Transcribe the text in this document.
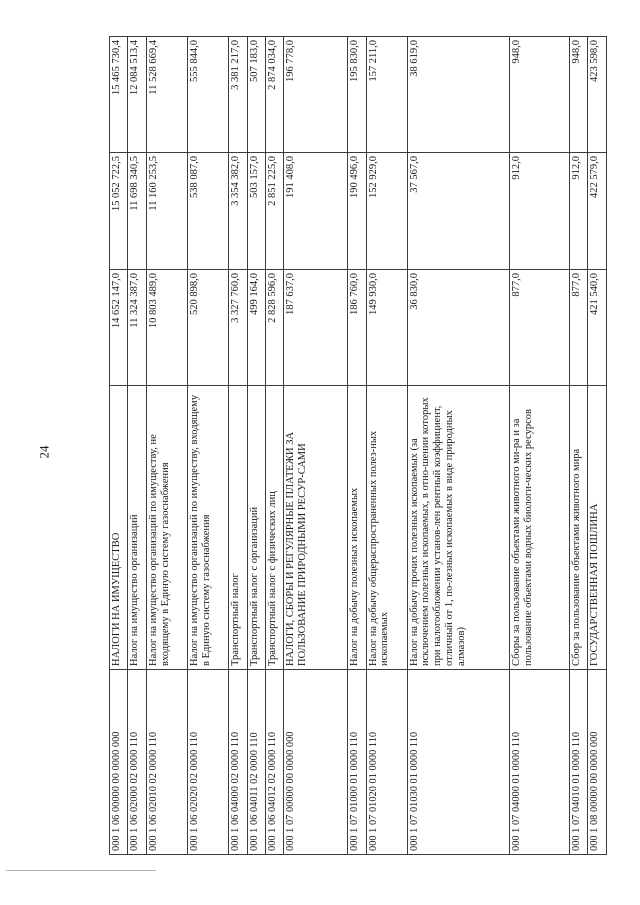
24
000 1 06 00000 00 0000 000	НАЛОГИ НА ИМУЩЕСТВО	14 652 147,0	15 052 722,5	15 465 730,4
000 1 06 02000 02 0000 110	Налог на имущество организаций	11 324 387,0	11 698 340,5	12 084 513,4
000 1 06 02010 02 0000 110	Налог на имущество организаций по имуществу, не входящему в Единую систему газоснабжения	10 803 489,0	11 160 253,5	11 528 669,4
000 1 06 02020 02 0000 110	Налог на имущество организаций по имуществу, входящему в Единую систему газоснабжения	520 898,0	538 087,0	555 844,0
000 1 06 04000 02 0000 110	Транспортный налог	3 327 760,0	3 354 382,0	3 381 217,0
000 1 06 04011 02 0000 110	Транспортный налог с организаций	499 164,0	503 157,0	507 183,0
000 1 06 04012 02 0000 110	Транспортный налог с физических лиц	2 828 596,0	2 851 225,0	2 874 034,0
000 1 07 00000 00 0000 000	НАЛОГИ, СБОРЫ И РЕГУЛЯРНЫЕ ПЛАТЕЖИ ЗА ПОЛЬЗОВАНИЕ ПРИРОДНЫМИ РЕСУР-САМИ	187 637,0	191 408,0	196 778,0
000 1 07 01000 01 0000 110	Налог на добычу полезных ископаемых	186 760,0	190 496,0	195 830,0
000 1 07 01020 01 0000 110	Налог на добычу общераспространенных полез-ных ископаемых	149 930,0	152 929,0	157 211,0
000 1 07 01030 01 0000 110	Налог на добычу прочих полезных ископаемых (за исключением полезных ископаемых, в отно-шении которых при налогообложении установ-лен рентный коэффициент, отличный от 1, по-лезных ископаемых в виде природных алмазов)	36 830,0	37 567,0	38 619,0
000 1 07 04000 01 0000 110	Сборы за пользование объектами животного ми-ра и за пользование объектами водных биологи-ческих ресурсов	877,0	912,0	948,0
000 1 07 04010 01 0000 110	Сбор за пользование объектами животного мира	877,0	912,0	948,0
000 1 08 00000 00 0000 000	ГОСУДАРСТВЕННАЯ ПОШЛИНА	421 540,0	422 579,0	423 598,0
